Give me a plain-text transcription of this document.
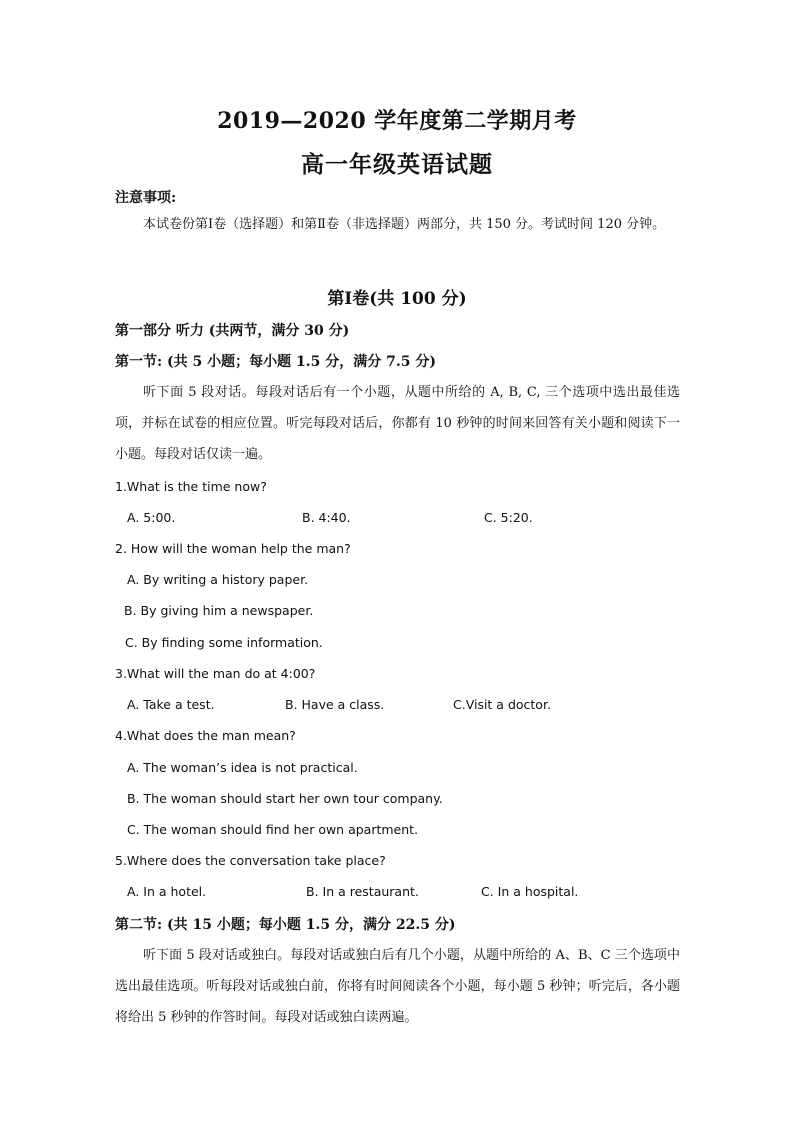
2019—2020 学年度第二学期月考
高一年级英语试题
注意事项:
本试卷份第Ⅰ卷（选择题）和第Ⅱ卷（非选择题）两部分，共 150 分。考试时间 120 分钟。
第Ⅰ卷(共 100 分)
第一部分 听力 (共两节，满分 30 分)
第一节: (共 5 小题；每小题 1.5 分，满分 7.5 分)
听下面 5 段对话。每段对话后有一个小题，从题中所给的 A, B, C, 三个选项中选出最佳选项，并标在试卷的相应位置。听完每段对话后，你都有 10 秒钟的时间来回答有关小题和阅读下一小题。每段对话仅读一遍。
1.What is the time now?
A. 5:00.	B. 4:40.	C. 5:20.
2. How will the woman help the man?
A. By writing a history paper.
B. By giving him a newspaper.
C. By finding some information.
3.What will the man do at 4:00?
A. Take a test.	B. Have a class.	C.Visit a doctor.
4.What does the man mean?
A. The woman’s idea is not practical.
B. The woman should start her own tour company.
C. The woman should find her own apartment.
5.Where does the conversation take place?
A. In a hotel.	B. In a restaurant.	C. In a hospital.
第二节: (共 15 小题；每小题 1.5 分，满分 22.5 分)
听下面 5 段对话或独白。每段对话或独白后有几个小题，从题中所给的 A、B、C 三个选项中选出最佳选项。听每段对话或独白前，你将有时间阅读各个小题，每小题 5 秒钟；听完后，各小题将给出 5 秒钟的作答时间。每段对话或独白读两遍。
